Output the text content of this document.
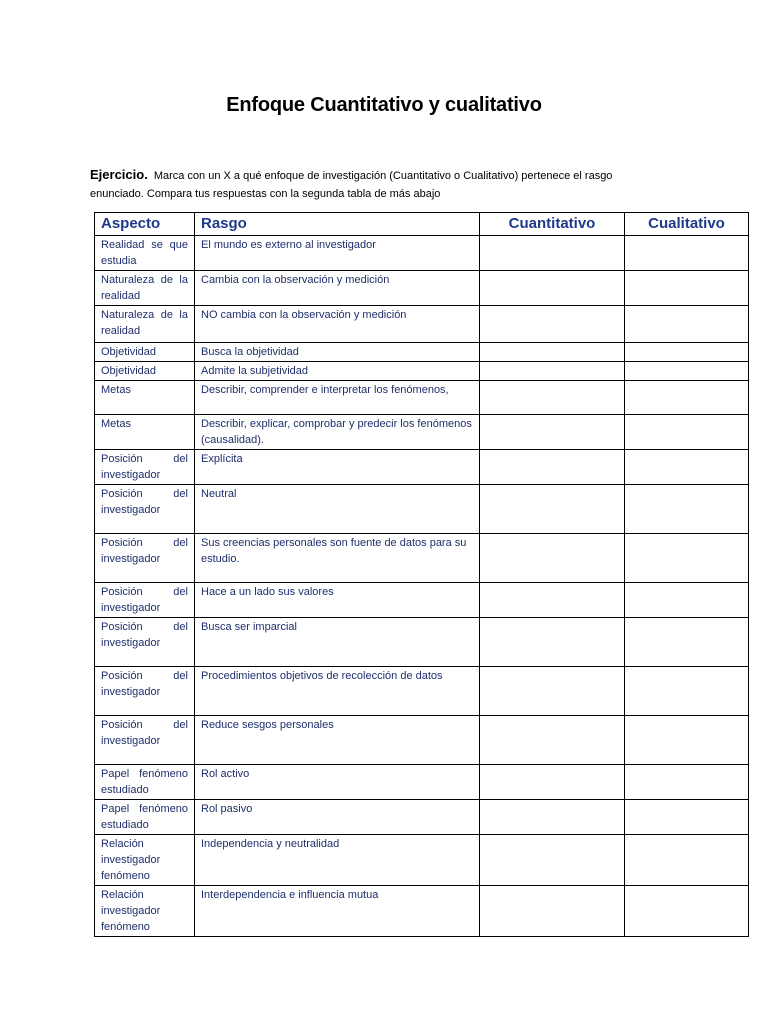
Enfoque Cuantitativo y cualitativo
Ejercicio. Marca con un X a qué enfoque de investigación (Cuantitativo o Cualitativo) pertenece el rasgo enunciado. Compara tus respuestas con la segunda tabla de más abajo
Aspecto	Rasgo	Cuantitativo	Cualitativo
Realidad se que estudia	El mundo es externo al investigador		
Naturaleza de la realidad	Cambia con la observación y medición		
Naturaleza de la realidad	NO cambia con la observación y medición		
Objetividad	Busca la objetividad		
Objetividad	Admite la subjetividad		
Metas	Describir, comprender e interpretar los fenómenos,		
Metas	Describir, explicar, comprobar y predecir los fenómenos (causalidad).		
Posición del investigador	Explícita		
Posición del investigador	Neutral		
Posición del investigador	Sus creencias personales son fuente de datos para su estudio.		
Posición del investigador	Hace a un lado sus valores		
Posición del investigador	Busca ser imparcial		
Posición del investigador	Procedimientos objetivos de recolección de datos		
Posición del investigador	Reduce sesgos personales		
Papel fenómeno estudiado	Rol activo		
Papel fenómeno estudiado	Rol pasivo		
Relación investigador fenómeno	Independencia y neutralidad		
Relación investigador fenómeno	Interdependencia e influencia mutua		
